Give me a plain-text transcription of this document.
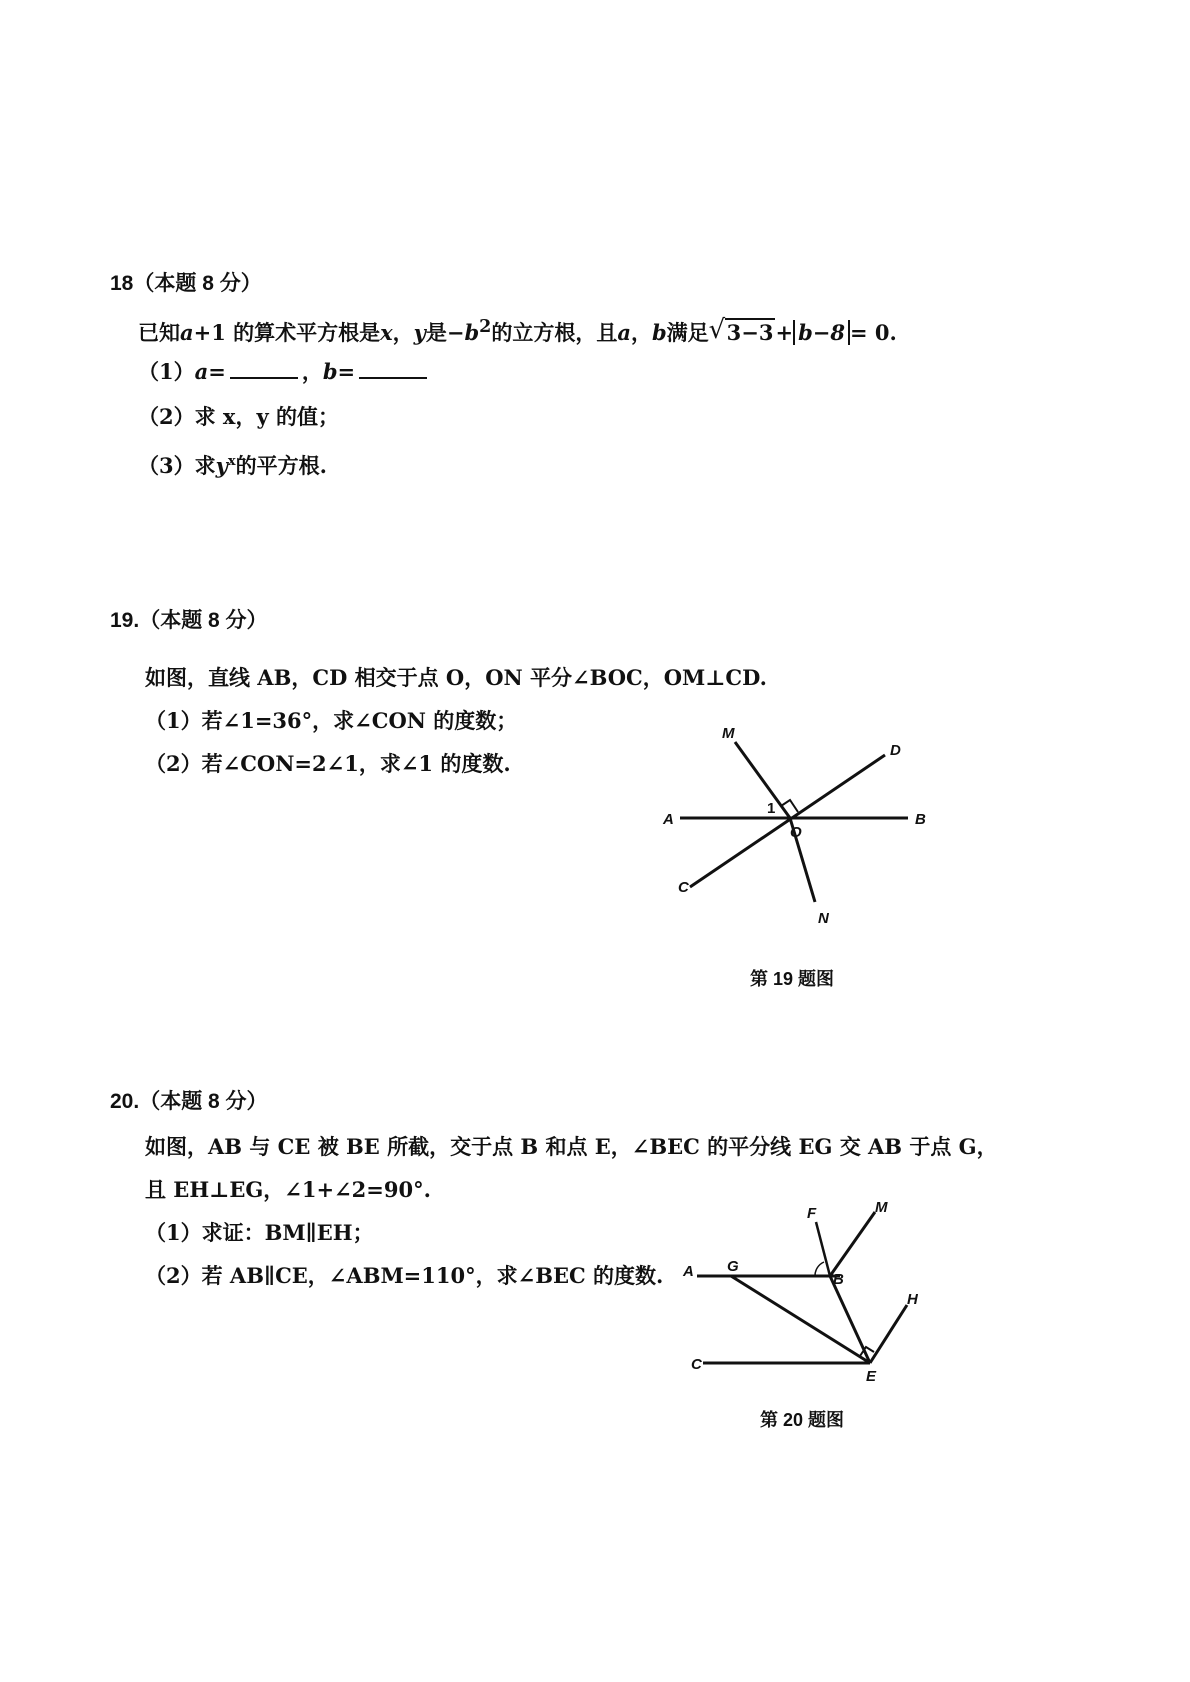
18（本题 8 分）
已知a+1 的算术平方根是x，y是$-b^2$的立方根，且a，b满足√ 3−3+ b−8 = 0.
（1）a=	，b=
（2）求 x，y 的值；
（3）求$y^x$的平方根.
19.（本题 8 分）
如图，直线 AB，CD 相交于点 O，ON 平分∠BOC，OM⊥CD.
（1）若∠1=36°，求∠CON 的度数；
（2）若∠CON=2∠1，求∠1 的度数.
M
D
A	B
1
O
C
N
第 19 题图
20.（本题 8 分）
如图，AB 与 CE 被 BE 所截，交于点 B 和点 E，∠BEC 的平分线 EG 交 AB 于点 G，
且 EH⊥EG，∠1+∠2=90°.
（1）求证：BM∥EH；
（2）若 AB∥CE，∠ABM=110°，求∠BEC 的度数.
F	M
A G
B
H
C
E
第 20 题图
